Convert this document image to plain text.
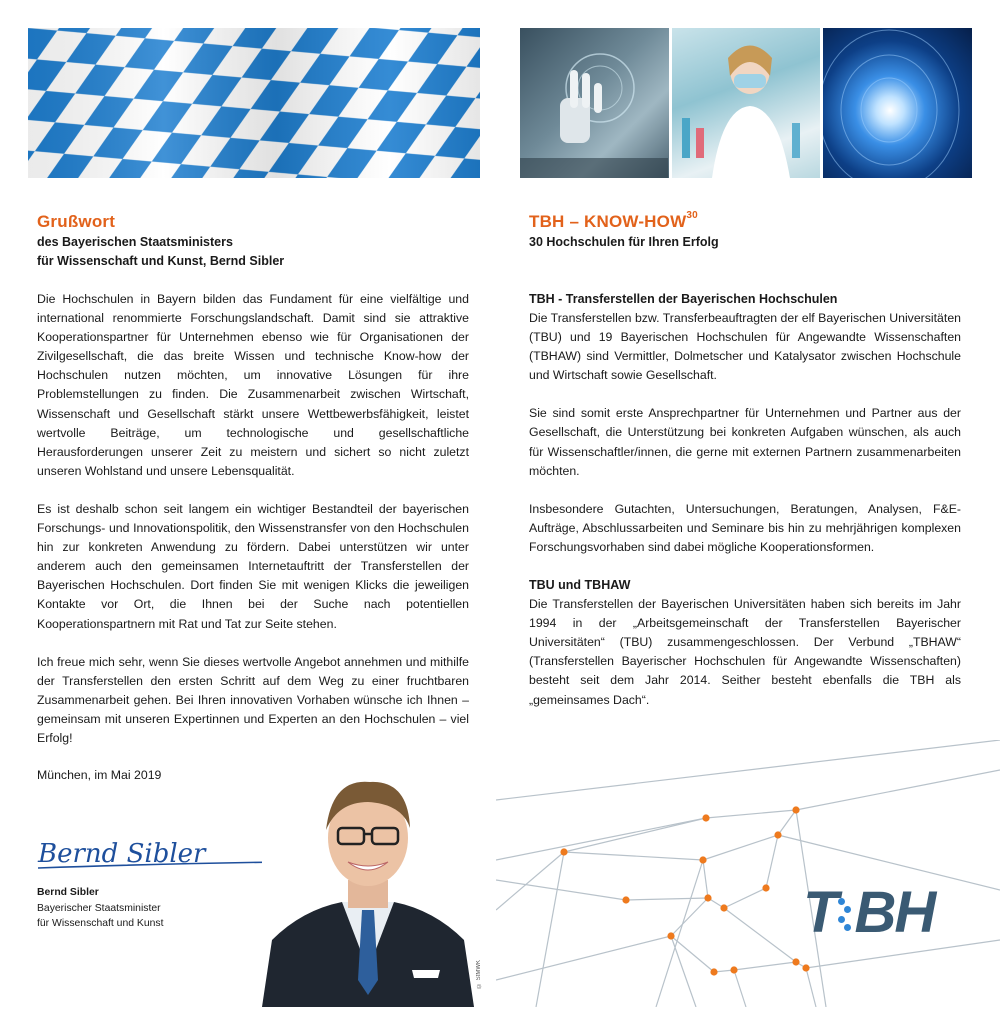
Grußwort
des Bayerischen Staatsministers
für Wissenschaft und Kunst, Bernd Sibler

Die Hochschulen in Bayern bilden das Fundament für eine vielfältige und international renommierte Forschungslandschaft. Damit sind sie attraktive Kooperationspartner für Unternehmen ebenso wie für Organisationen der Zivilgesellschaft, die das breite Wissen und technische Know-how der Hochschulen nutzen möchten, um innovative Lösungen für ihre Problemstellungen zu finden. Die Zusammenarbeit zwischen Wirtschaft, Wissenschaft und Gesellschaft stärkt unsere Wettbewerbsfähigkeit, leistet wertvolle Beiträge, um technologische und gesellschaftliche Herausforderungen unserer Zeit zu meistern und sichert so nicht zuletzt unseren Wohlstand und unsere Lebensqualität.

Es ist deshalb schon seit langem ein wichtiger Bestandteil der bayerischen Forschungs- und Innovationspolitik, den Wissenstransfer von den Hochschulen hin zur konkreten Anwendung zu fördern. Dabei unterstützen wir unter anderem auch den gemeinsamen Internetauftritt der Transferstellen der Bayerischen Hochschulen. Dort finden Sie mit wenigen Klicks die jeweiligen Kontakte vor Ort, die Ihnen bei der Suche nach potentiellen Kooperationspartnern mit Rat und Tat zur Seite stehen.

Ich freue mich sehr, wenn Sie dieses wertvolle Angebot annehmen und mithilfe der Transferstellen den ersten Schritt auf dem Weg zu einer fruchtbaren Zusammenarbeit gehen. Bei Ihren innovativen Vorhaben wünsche ich Ihnen – gemeinsam mit unseren Expertinnen und Experten an den Hochschulen – viel Erfolg!

München, im Mai 2019
Bernd Sibler
Bernd Sibler
Bayerischer Staatsminister
für Wissenschaft und Kunst
© StMWK
TBH – KNOW-HOW$^{30}$
30 Hochschulen für Ihren Erfolg
TBH - Transferstellen der Bayerischen Hochschulen

Die Transferstellen bzw. Transferbeauftragten der elf Bayerischen Universitäten (TBU) und 19 Bayerischen Hochschulen für Angewandte Wissenschaften (TBHAW) sind Vermittler, Dolmetscher und Katalysator zwischen Hochschule und Wirtschaft sowie Gesellschaft.

Sie sind somit erste Ansprechpartner für Unternehmen und Partner aus der Gesellschaft, die Unterstützung bei konkreten Aufgaben wünschen, als auch für Wissenschaftler/innen, die gerne mit externen Partnern zusammenarbeiten möchten.

Insbesondere Gutachten, Untersuchungen, Beratungen, Analysen, F&E-Aufträge, Abschlussarbeiten und Seminare bis hin zu mehrjährigen komplexen Forschungsvorhaben sind dabei mögliche Kooperationsformen.

TBU und TBHAW

Die Transferstellen der Bayerischen Universitäten haben sich bereits im Jahr 1994 in der „Arbeitsgemeinschaft der Transferstellen Bayerischer Universitäten“ (TBU) zusammengeschlossen. Der Verbund „TBHAW“ (Transferstellen Bayerischer Hochschulen für Angewandte Wissenschaften) besteht seit dem Jahr 2014. Seither besteht ebenfalls die TBH als „gemeinsames Dach“.

T BH
